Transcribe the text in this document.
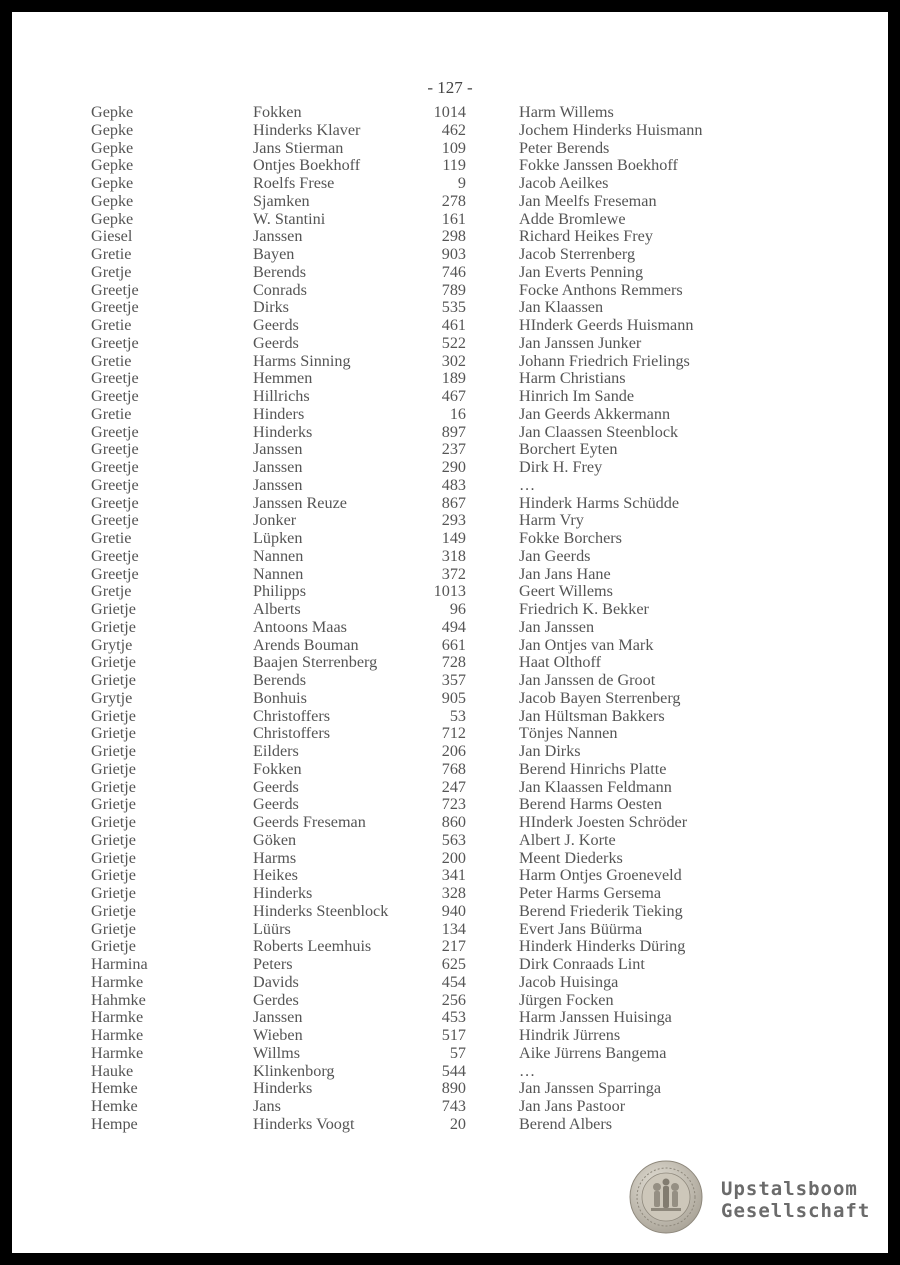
- 127 -
Gepke	Fokken	1014	Harm Willems
Gepke	Hinderks Klaver	462	Jochem Hinderks Huismann
Gepke	Jans Stierman	109	Peter Berends
Gepke	Ontjes Boekhoff	119	Fokke Janssen Boekhoff
Gepke	Roelfs Frese	9	Jacob Aeilkes
Gepke	Sjamken	278	Jan Meelfs Freseman
Gepke	W. Stantini	161	Adde Bromlewe
Giesel	Janssen	298	Richard Heikes Frey
Gretie	Bayen	903	Jacob Sterrenberg
Gretje	Berends	746	Jan Everts Penning
Greetje	Conrads	789	Focke Anthons Remmers
Greetje	Dirks	535	Jan Klaassen
Gretie	Geerds	461	HInderk Geerds Huismann
Greetje	Geerds	522	Jan Janssen Junker
Gretie	Harms Sinning	302	Johann Friedrich Frielings
Greetje	Hemmen	189	Harm Christians
Greetje	Hillrichs	467	Hinrich Im Sande
Gretie	Hinders	16	Jan Geerds Akkermann
Greetje	Hinderks	897	Jan Claassen Steenblock
Greetje	Janssen	237	Borchert Eyten
Greetje	Janssen	290	Dirk H. Frey
Greetje	Janssen	483	…
Greetje	Janssen Reuze	867	Hinderk Harms Schüdde
Greetje	Jonker	293	Harm Vry
Gretie	Lüpken	149	Fokke Borchers
Greetje	Nannen	318	Jan Geerds
Greetje	Nannen	372	Jan Jans Hane
Gretje	Philipps	1013	Geert Willems
Grietje	Alberts	96	Friedrich K. Bekker
Grietje	Antoons Maas	494	Jan Janssen
Grytje	Arends Bouman	661	Jan Ontjes van Mark
Grietje	Baajen Sterrenberg	728	Haat Olthoff
Grietje	Berends	357	Jan Janssen de Groot
Grytje	Bonhuis	905	Jacob Bayen Sterrenberg
Grietje	Christoffers	53	Jan Hültsman Bakkers
Grietje	Christoffers	712	Tönjes Nannen
Grietje	Eilders	206	Jan Dirks
Grietje	Fokken	768	Berend Hinrichs Platte
Grietje	Geerds	247	Jan Klaassen Feldmann
Grietje	Geerds	723	Berend Harms Oesten
Grietje	Geerds Freseman	860	HInderk Joesten Schröder
Grietje	Göken	563	Albert J. Korte
Grietje	Harms	200	Meent Diederks
Grietje	Heikes	341	Harm Ontjes Groeneveld
Grietje	Hinderks	328	Peter Harms Gersema
Grietje	Hinderks Steenblock	940	Berend Friederik Tieking
Grietje	Lüürs	134	Evert Jans Büürma
Grietje	Roberts Leemhuis	217	Hinderk Hinderks Düring
Harmina	Peters	625	Dirk Conraads Lint
Harmke	Davids	454	Jacob Huisinga
Hahmke	Gerdes	256	Jürgen Focken
Harmke	Janssen	453	Harm Janssen Huisinga
Harmke	Wieben	517	Hindrik Jürrens
Harmke	Willms	57	Aike Jürrens Bangema
Hauke	Klinkenborg	544	…
Hemke	Hinderks	890	Jan Janssen Sparringa
Hemke	Jans	743	Jan Jans Pastoor
Hempe	Hinderks Voogt	20	Berend Albers
Upstalsboom
Gesellschaft
